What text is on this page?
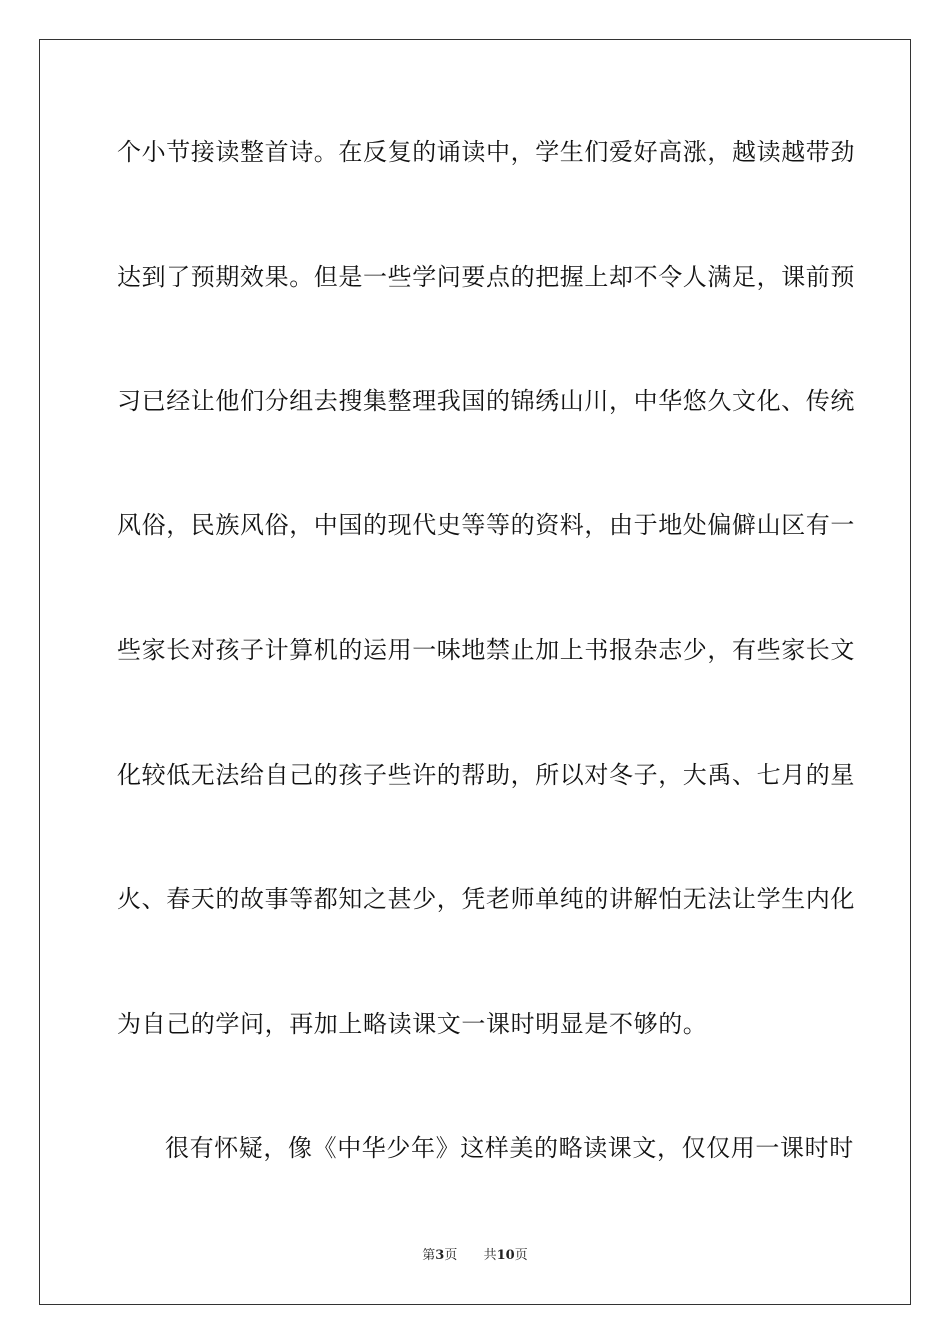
个小节接读整首诗。在反复的诵读中，学生们爱好高涨，越读越带劲
达到了预期效果。但是一些学问要点的把握上却不令人满足，课前预
习已经让他们分组去搜集整理我国的锦绣山川，中华悠久文化、传统
风俗，民族风俗，中国的现代史等等的资料，由于地处偏僻山区有一
些家长对孩子计算机的运用一味地禁止加上书报杂志少，有些家长文
化较低无法给自己的孩子些许的帮助，所以对冬子，大禹、七月的星
火、春天的故事等都知之甚少，凭老师单纯的讲解怕无法让学生内化
为自己的学问，再加上略读课文一课时明显是不够的。
很有怀疑，像《中华少年》这样美的略读课文，仅仅用一课时时
第3页 共10页
